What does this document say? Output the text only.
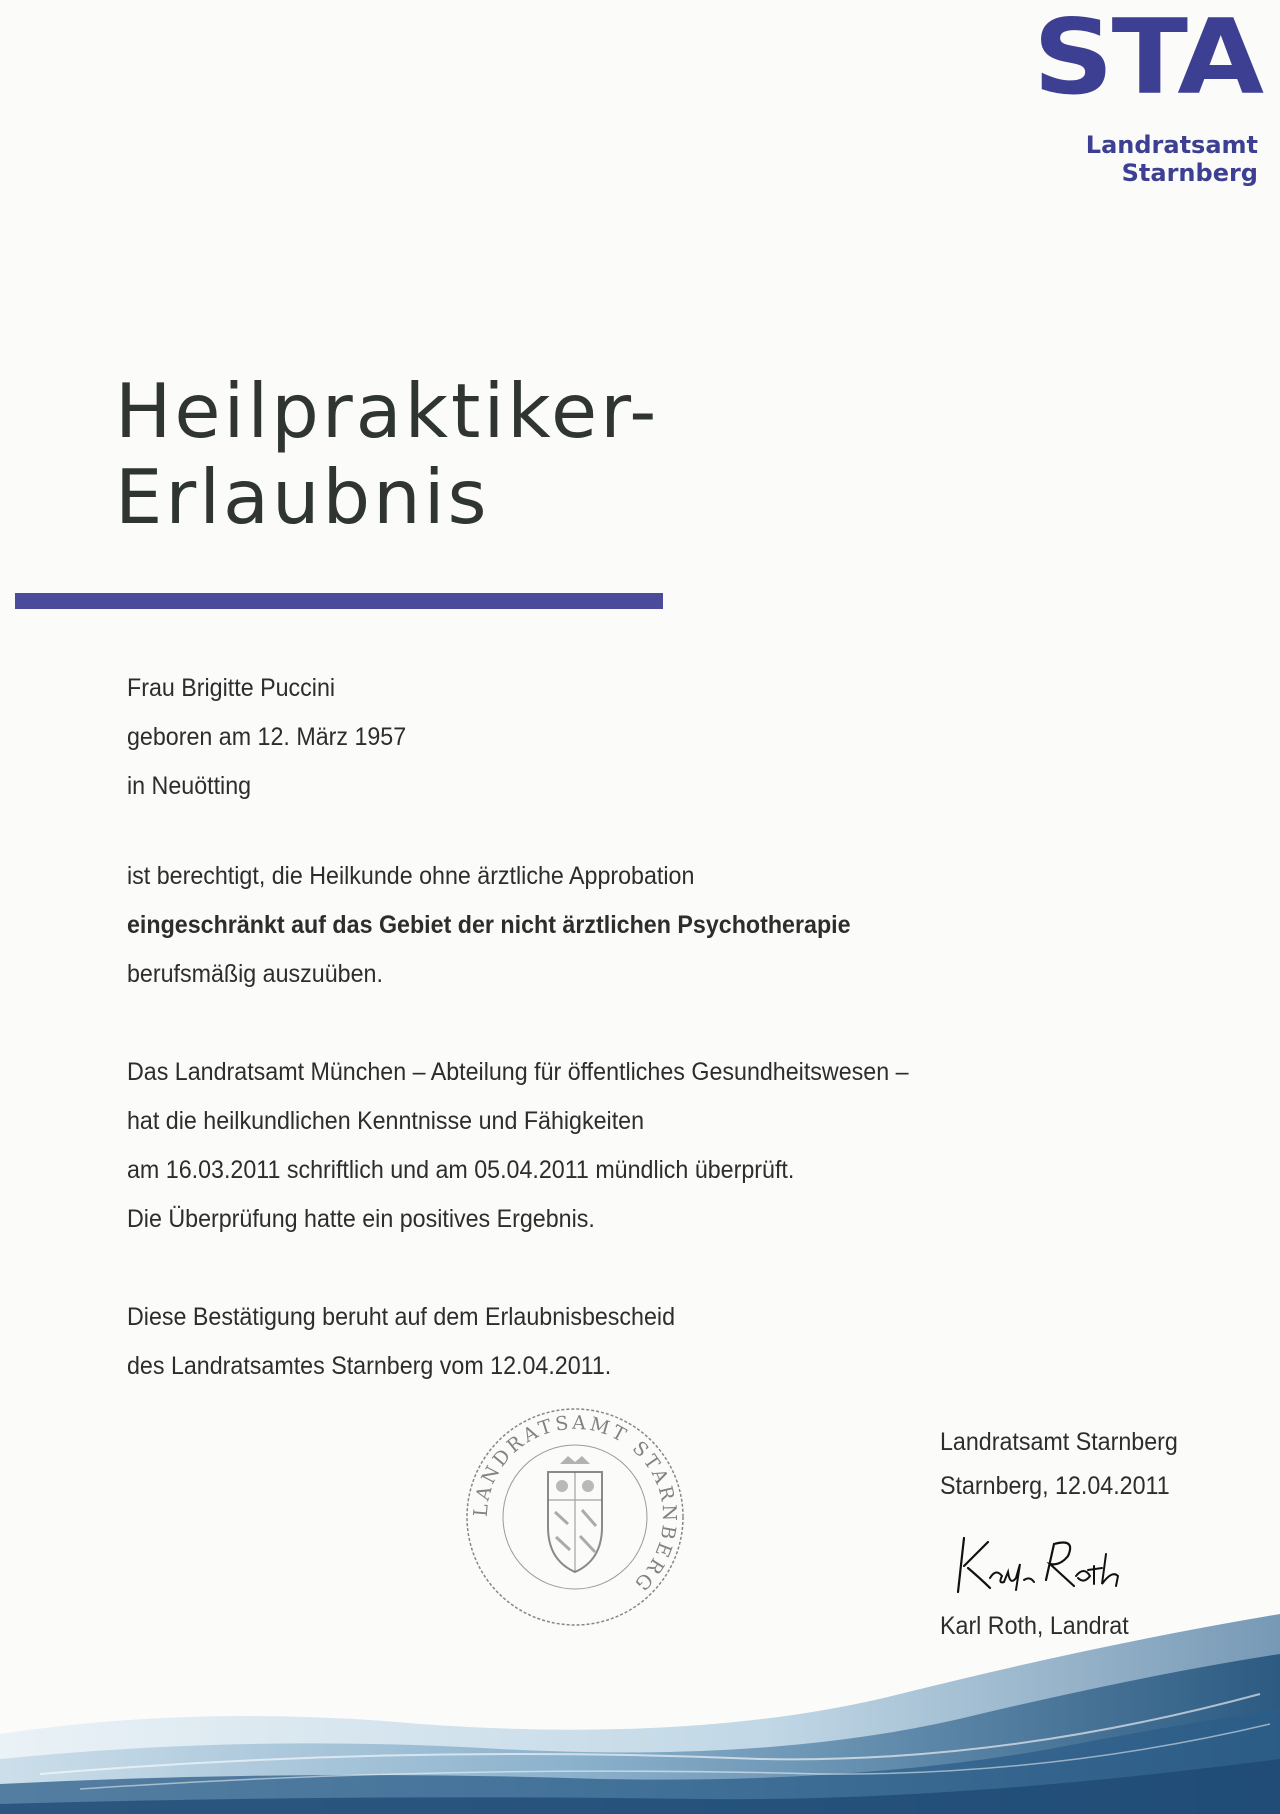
STA
Landratsamt Starnberg
Heilpraktiker-
Erlaubnis
Frau Brigitte Puccini
geboren am 12. März 1957
in Neuötting
ist berechtigt, die Heilkunde ohne ärztliche Approbation
eingeschränkt auf das Gebiet der nicht ärztlichen Psychotherapie
berufsmäßig auszuüben.
Das Landratsamt München – Abteilung für öffentliches Gesundheitswesen –
hat die heilkundlichen Kenntnisse und Fähigkeiten
am 16.03.2011 schriftlich und am 05.04.2011 mündlich überprüft.
Die Überprüfung hatte ein positives Ergebnis.
Diese Bestätigung beruht auf dem Erlaubnisbescheid
des Landratsamtes Starnberg vom 12.04.2011.
LANDRATSAMT STARNBERG
Landratsamt Starnberg
Starnberg, 12.04.2011
Karl Roth, Landrat
